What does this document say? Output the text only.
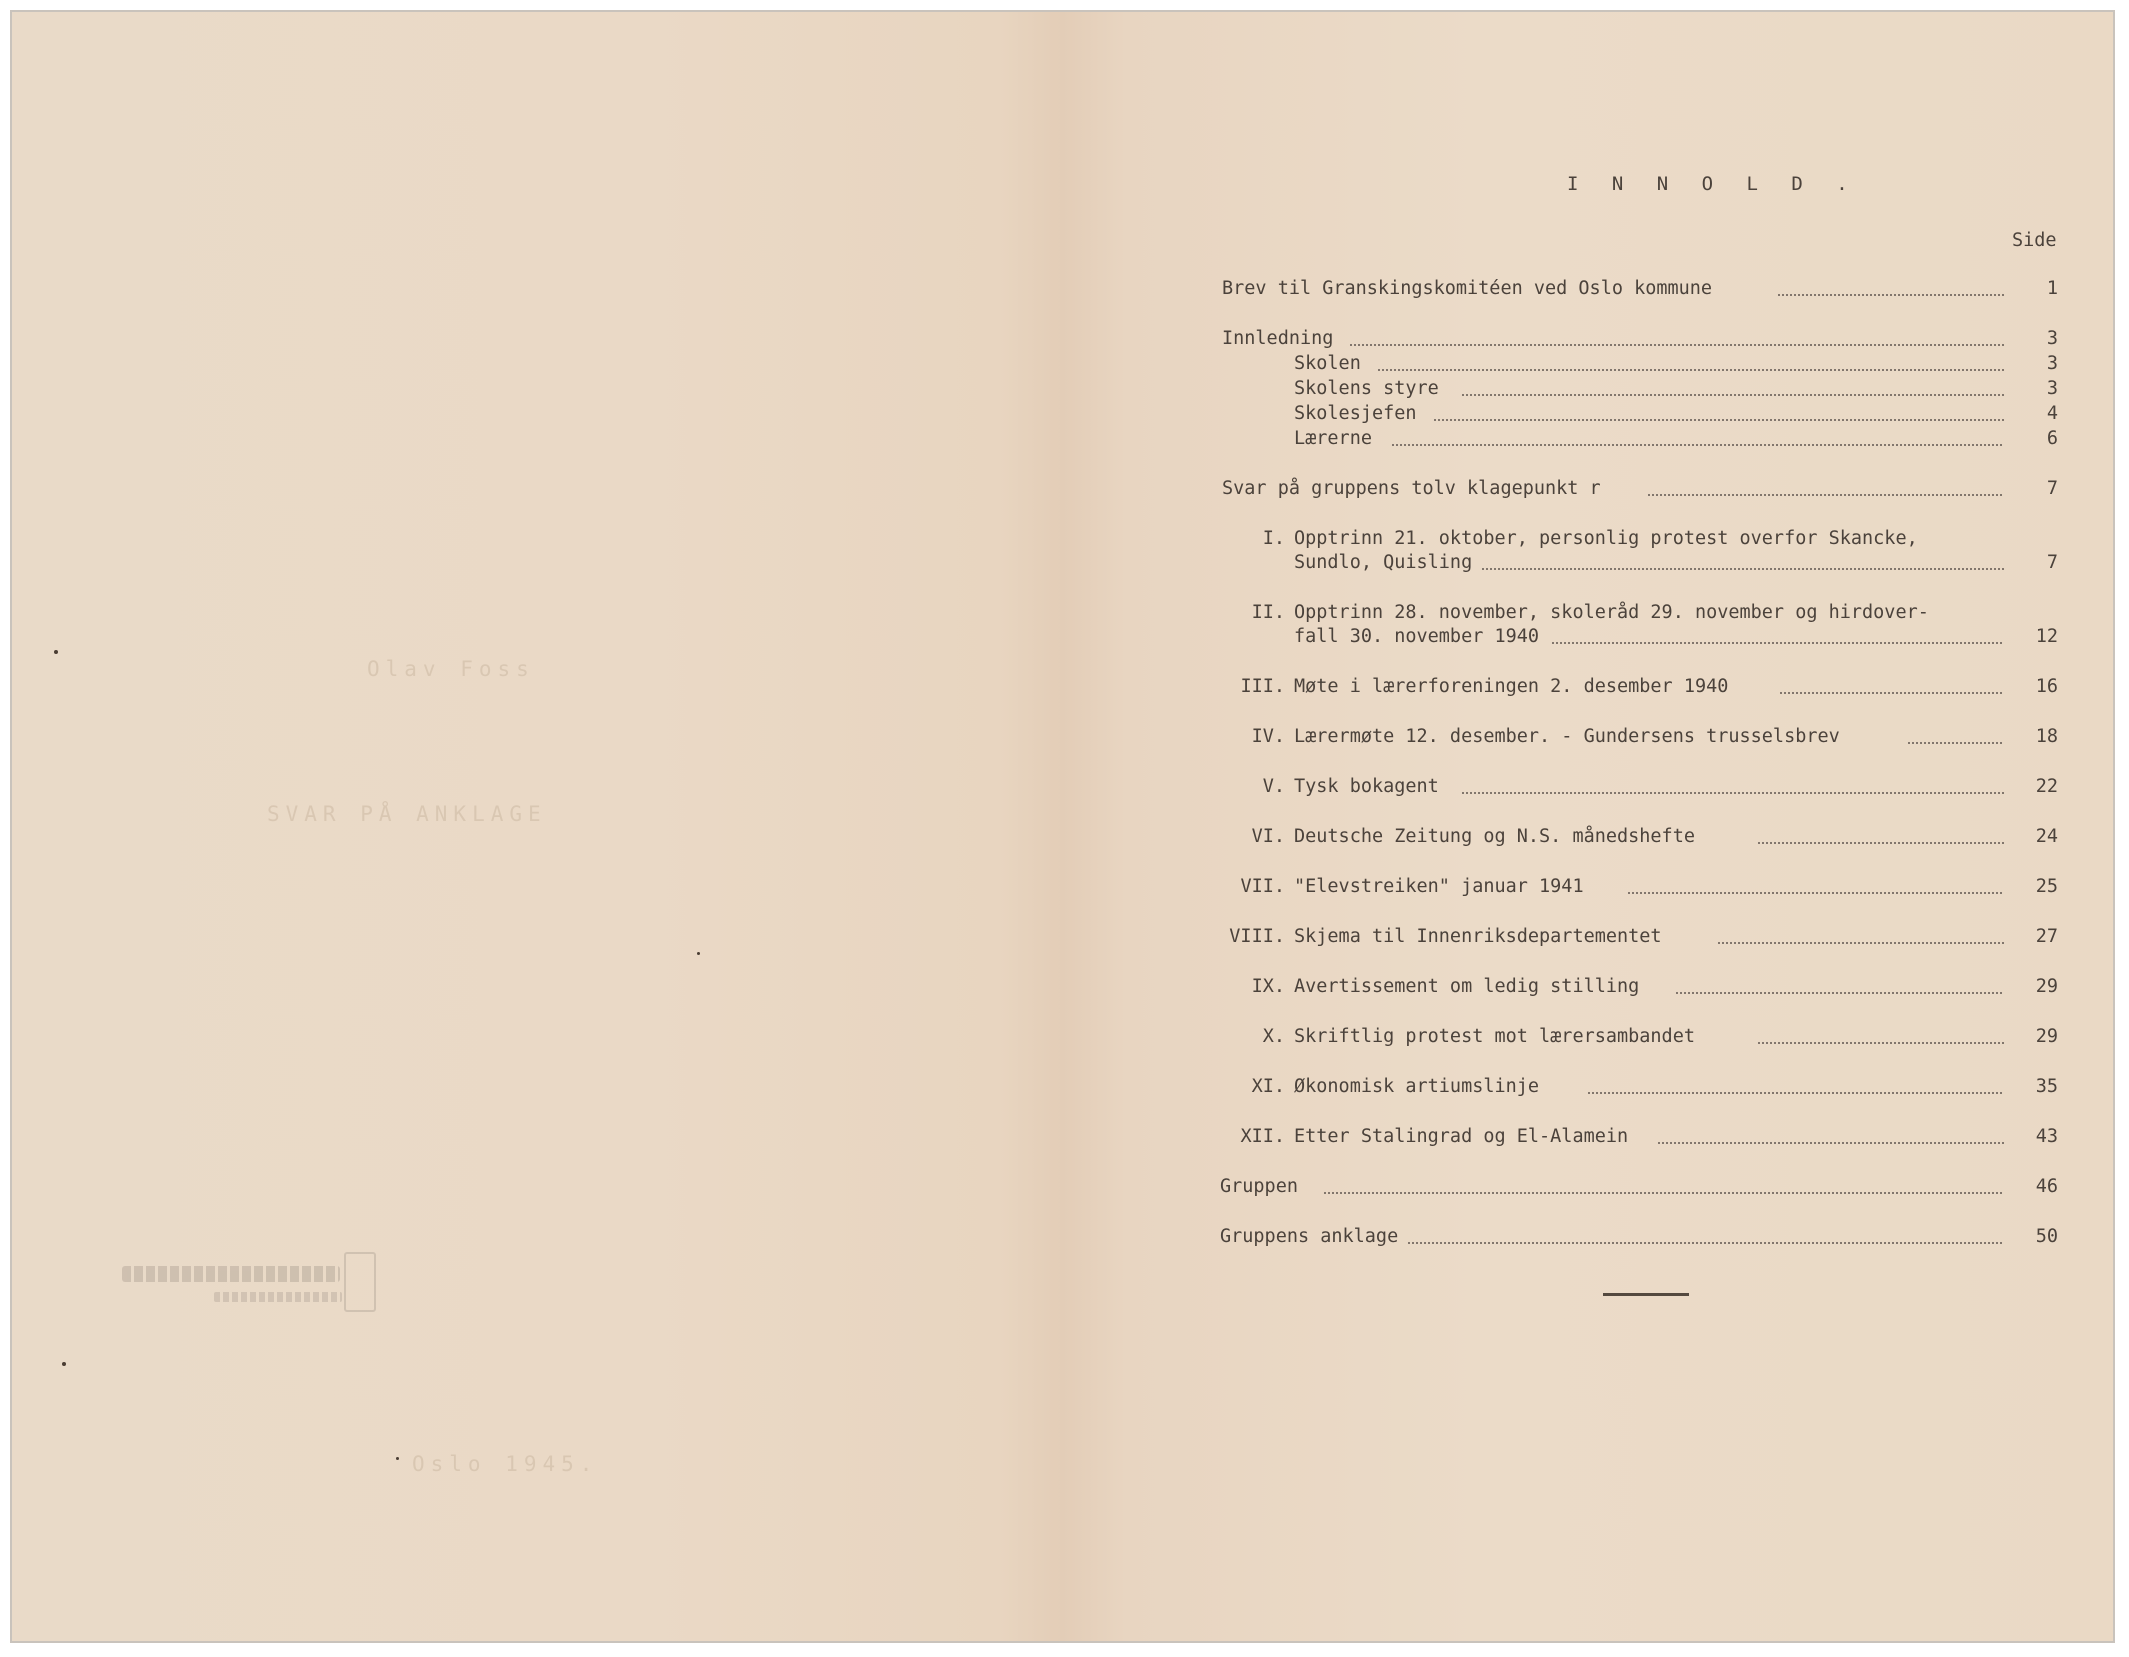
Olav Foss
SVAR PÅ ANKLAGE
Oslo 1945.
I N N O L D .
Side
Brev til Granskingskomitéen ved Oslo kommune	1
Innledning	3
Skolen	3
Skolens styre	3
Skolesjefen	4
Lærerne	6
Svar på gruppens tolv klagepunkt r	7
I. Opptrinn 21. oktober, personlig protest overfor Skancke,
Sundlo, Quisling	7
II. Opptrinn 28. november, skoleråd 29. november og hirdover-
fall 30. november 1940	12
III. Møte i lærerforeningen 2. desember 1940	16
IV. Lærermøte 12. desember. - Gundersens trusselsbrev	18
V. Tysk bokagent	22
VI. Deutsche Zeitung og N.S. månedshefte	24
VII. "Elevstreiken" januar 1941	25
VIII. Skjema til Innenriksdepartementet	27
IX. Avertissement om ledig stilling	29
X. Skriftlig protest mot lærersambandet	29
XI. Økonomisk artiumslinje	35
XII. Etter Stalingrad og El-Alamein	43
Gruppen	46
Gruppens anklage	50
